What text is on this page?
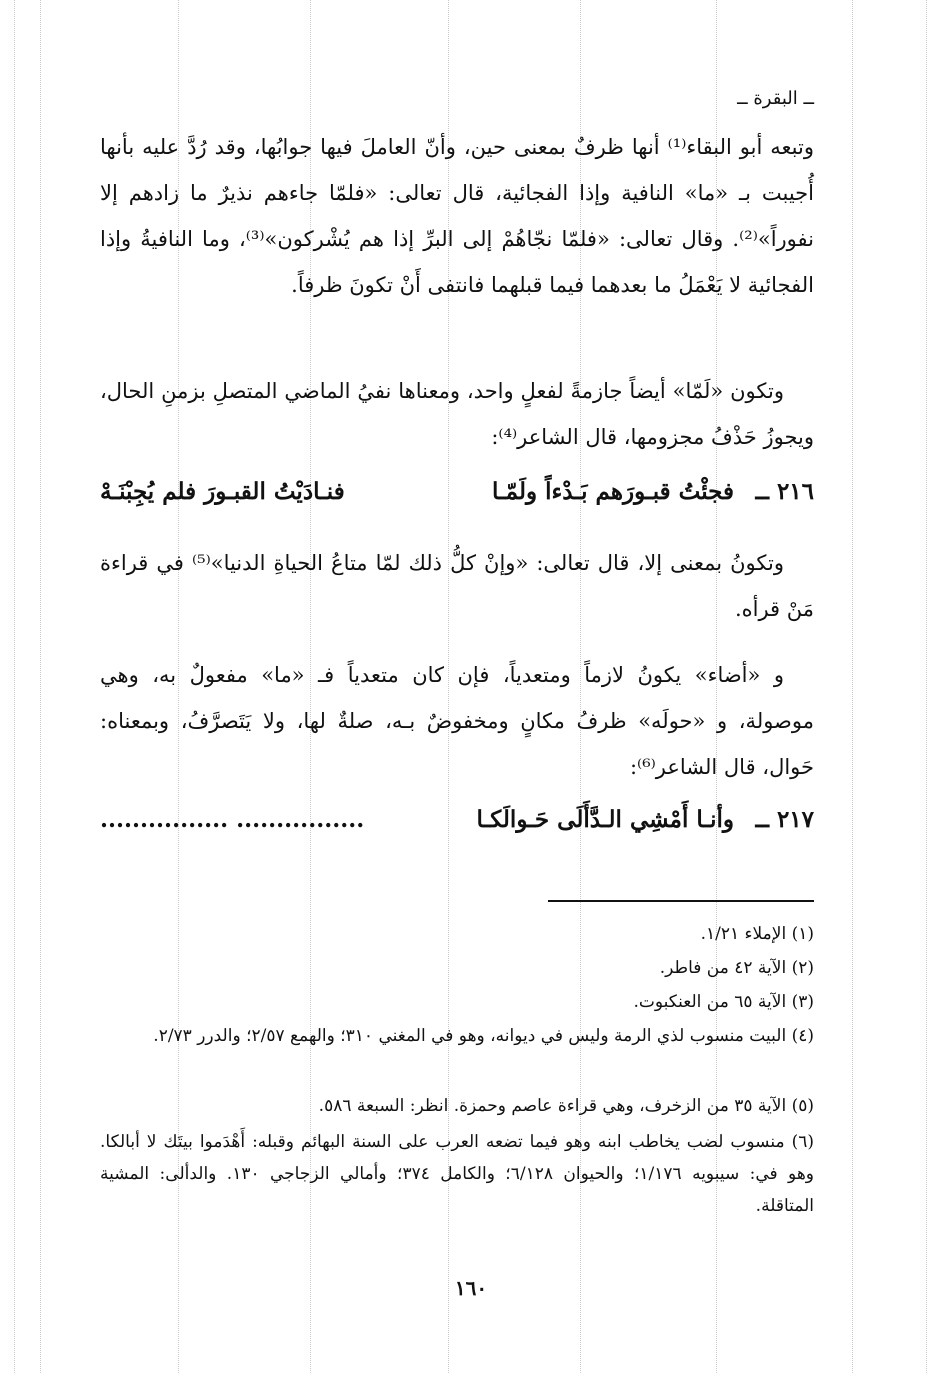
ــ البقرة ــ
وتبعه أبو البقاء⁽¹⁾ أنها ظرفٌ بمعنى حين، وأنّ العاملَ فيها جوابُها، وقد رُدَّ عليه بأنها أُجيبت بـ «ما» النافية وإذا الفجائية، قال تعالى: «فلمّا جاءهم نذيرٌ ما زادهم إلا نفوراً»⁽²⁾. وقال تعالى: «فلمّا نجّاهُمْ إلى البرِّ إذا هم يُشْركون»⁽³⁾، وما النافيةُ وإذا الفجائية لا يَعْمَلُ ما بعدهما فيما قبلهما فانتفى أَنْ تكونَ ظرفاً.
وتكون «لَمّا» أيضاً جازمةً لفعلٍ واحد، ومعناها نفيُ الماضي المتصلِ بزمنِ الحال، ويجوزُ حَذْفُ مجزومها، قال الشاعر⁽⁴⁾:
٢١٦ ــ
فجئْتُ قبـورَهم بَـدْءاً ولَمّـا
فنـادَيْتُ القبـورَ فلم يُجِبْنَـهْ
وتكونُ بمعنى إلا، قال تعالى: «وإنْ كلُّ ذلك لمّا متاعُ الحياةِ الدنيا»⁽⁵⁾ في قراءة مَنْ قرأه.
و «أضاء» يكونُ لازماً ومتعدياً، فإن كان متعدياً فـ «ما» مفعولٌ به، وهي موصولة، و «حولَه» ظرفُ مكانٍ ومخفوضٌ بـه، صلةٌ لها، ولا يَتَصرَّفُ، وبمعناه: حَوال، قال الشاعر⁽⁶⁾:
٢١٧ ــ
وأنـا أَمْشِي الـدَّأَلَى حَـوالَكـا
................ ................
(١) الإملاء ١/٢١.
(٢) الآية ٤٢ من فاطر.
(٣) الآية ٦٥ من العنكبوت.
(٤) البيت منسوب لذي الرمة وليس في ديوانه، وهو في المغني ٣١٠؛ والهمع ٢/٥٧؛ والدرر ٢/٧٣.
(٥) الآية ٣٥ من الزخرف، وهي قراءة عاصم وحمزة. انظر: السبعة ٥٨٦.
(٦) منسوب لضب يخاطب ابنه وهو فيما تضعه العرب على السنة البهائم وقبله: أَهْدَموا بيتَك لا أبالكا. وهو في: سيبويه ١/١٧٦؛ والحيوان ٦/١٢٨؛ والكامل ٣٧٤؛ وأمالي الزجاجي ١٣٠. والدألى: المشية المتاقلة.
١٦٠
